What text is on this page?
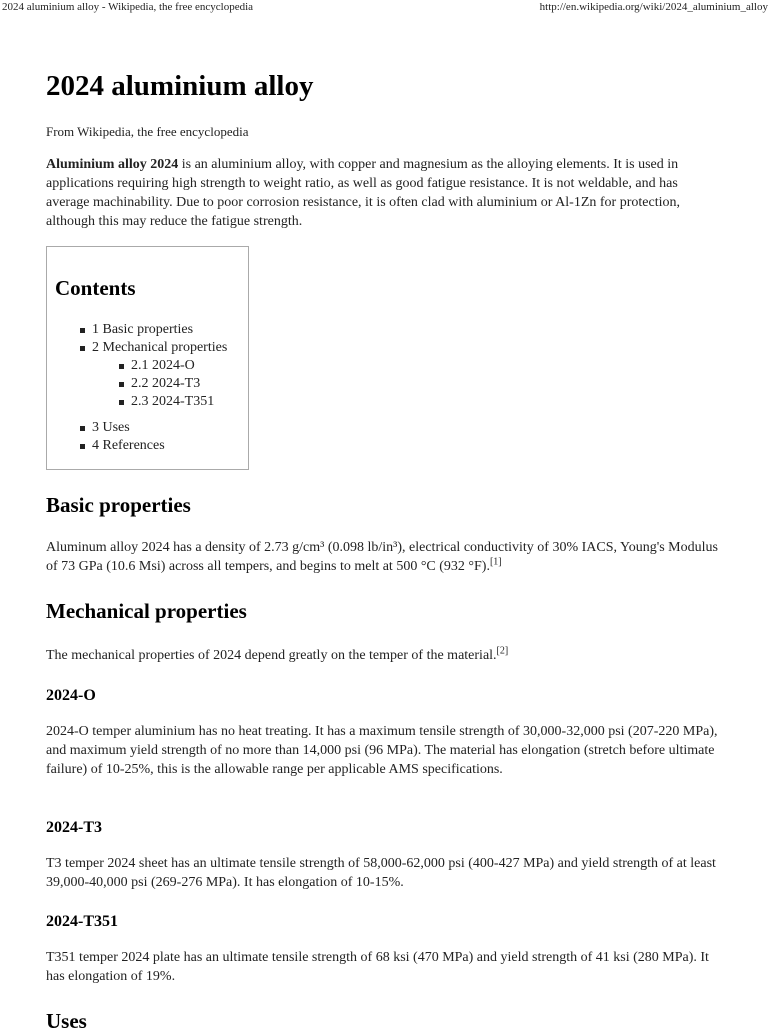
2024 aluminium alloy - Wikipedia, the free encyclopedia	http://en.wikipedia.org/wiki/2024_aluminium_alloy
2024 aluminium alloy
From Wikipedia, the free encyclopedia

Aluminium alloy 2024 is an aluminium alloy, with copper and magnesium as the alloying elements. It is used in applications requiring high strength to weight ratio, as well as good fatigue resistance. It is not weldable, and has average machinability. Due to poor corrosion resistance, it is often clad with aluminium or Al-1Zn for protection, although this may reduce the fatigue strength.

Contents
1 Basic properties
2 Mechanical properties
2.1 2024-O
2.2 2024-T3
2.3 2024-T351
3 Uses
4 References
Basic properties

Aluminum alloy 2024 has a density of 2.73 g/cm³ (0.098 lb/in³), electrical conductivity of 30% IACS, Young's Modulus of 73 GPa (10.6 Msi) across all tempers, and begins to melt at 500 °C (932 °F).[1]

Mechanical properties

The mechanical properties of 2024 depend greatly on the temper of the material.[2]

2024-O

2024-O temper aluminium has no heat treating. It has a maximum tensile strength of 30,000-32,000 psi (207-220 MPa), and maximum yield strength of no more than 14,000 psi (96 MPa). The material has elongation (stretch before ultimate failure) of 10-25%, this is the allowable range per applicable AMS specifications.

2024-T3

T3 temper 2024 sheet has an ultimate tensile strength of 58,000-62,000 psi (400-427 MPa) and yield strength of at least 39,000-40,000 psi (269-276 MPa). It has elongation of 10-15%.

2024-T351

T351 temper 2024 plate has an ultimate tensile strength of 68 ksi (470 MPa) and yield strength of 41 ksi (280 MPa). It has elongation of 19%.

Uses
